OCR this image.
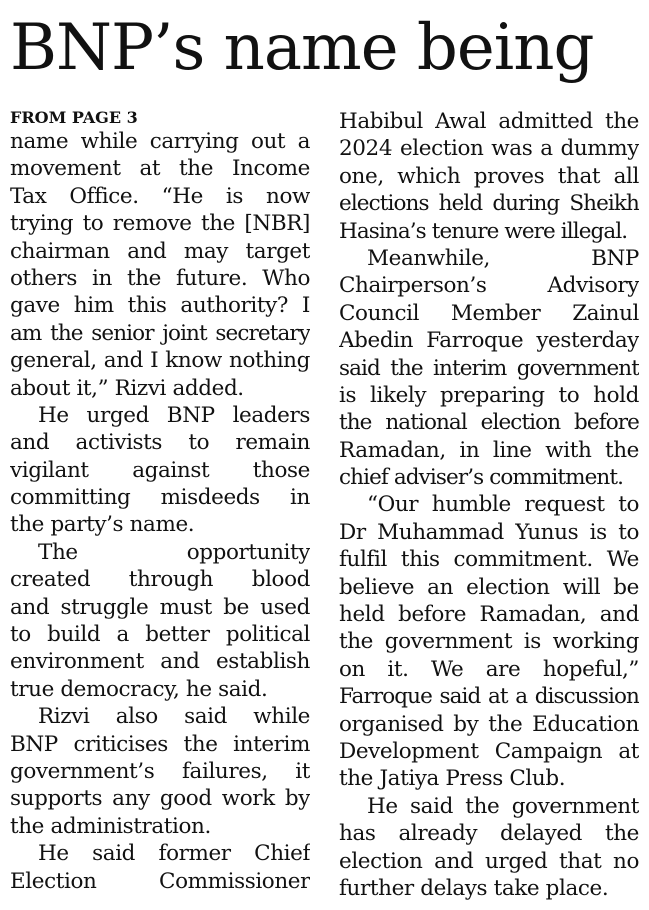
BNP’s name being
FROM PAGE 3
name while carrying out a
movement at the Income
Tax Office. “He is now
trying to remove the [NBR]
chairman and may target
others in the future. Who
gave him this authority? I
am the senior joint secretary
general, and I know nothing
about it,” Rizvi added.
He urged BNP leaders
and activists to remain
vigilant against those
committing misdeeds in
the party’s name.
The opportunity
created through blood
and struggle must be used
to build a better political
environment and establish
true democracy, he said.
Rizvi also said while
BNP criticises the interim
government’s failures, it
supports any good work by
the administration.
He said former Chief
Election Commissioner
Habibul Awal admitted the
2024 election was a dummy
one, which proves that all
elections held during Sheikh
Hasina’s tenure were illegal.
Meanwhile, BNP
Chairperson’s Advisory
Council Member Zainul
Abedin Farroque yesterday
said the interim government
is likely preparing to hold
the national election before
Ramadan, in line with the
chief adviser’s commitment.
“Our humble request to
Dr Muhammad Yunus is to
fulfil this commitment. We
believe an election will be
held before Ramadan, and
the government is working
on it. We are hopeful,”
Farroque said at a discussion
organised by the Education
Development Campaign at
the Jatiya Press Club.
He said the government
has already delayed the
election and urged that no
further delays take place.
